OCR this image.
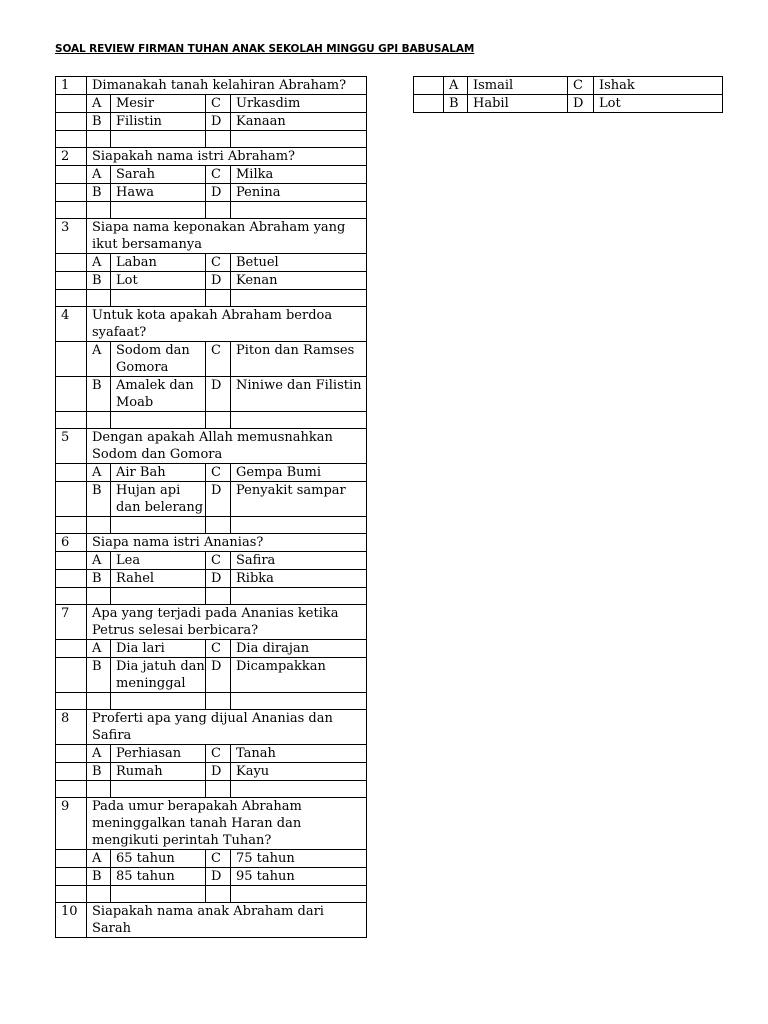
SOAL REVIEW FIRMAN TUHAN ANAK SEKOLAH MINGGU GPI BABUSALAM
1	Dimanakah tanah kelahiran Abraham?			
	A	Mesir	C	Urkasdim
	B	Filistin	D	Kanaan

2	Siapakah nama istri Abraham?			
	A	Sarah	C	Milka
	B	Hawa	D	Penina

3	Siapa nama keponakan Abraham yang ikut bersamanya			
	A	Laban	C	Betuel
	B	Lot	D	Kenan

4	Untuk kota apakah Abraham berdoa syafaat?			
	A	Sodom dan Gomora	C	Piton dan Ramses
	B	Amalek dan Moab	D	Niniwe dan Filistin

5	Dengan apakah Allah memusnahkan Sodom dan Gomora			
	A	Air Bah	C	Gempa Bumi
	B	Hujan api dan belerang	D	Penyakit sampar

6	Siapa nama istri Ananias?			
	A	Lea	C	Safira
	B	Rahel	D	Ribka

7	Apa yang terjadi pada Ananias ketika Petrus selesai berbicara?			
	A	Dia lari	C	Dia dirajan
	B	Dia jatuh dan meninggal	D	Dicampakkan

8	Proferti apa yang dijual Ananias dan Safira			
	A	Perhiasan	C	Tanah
	B	Rumah	D	Kayu

9	Pada umur berapakah Abraham meninggalkan tanah Haran dan mengikuti perintah Tuhan?			
	A	65 tahun	C	75 tahun
	B	85 tahun	D	95 tahun

10	Siapakah nama anak Abraham dari Sarah			
	A	Ismail	C	Ishak
	B	Habil	D	Lot
